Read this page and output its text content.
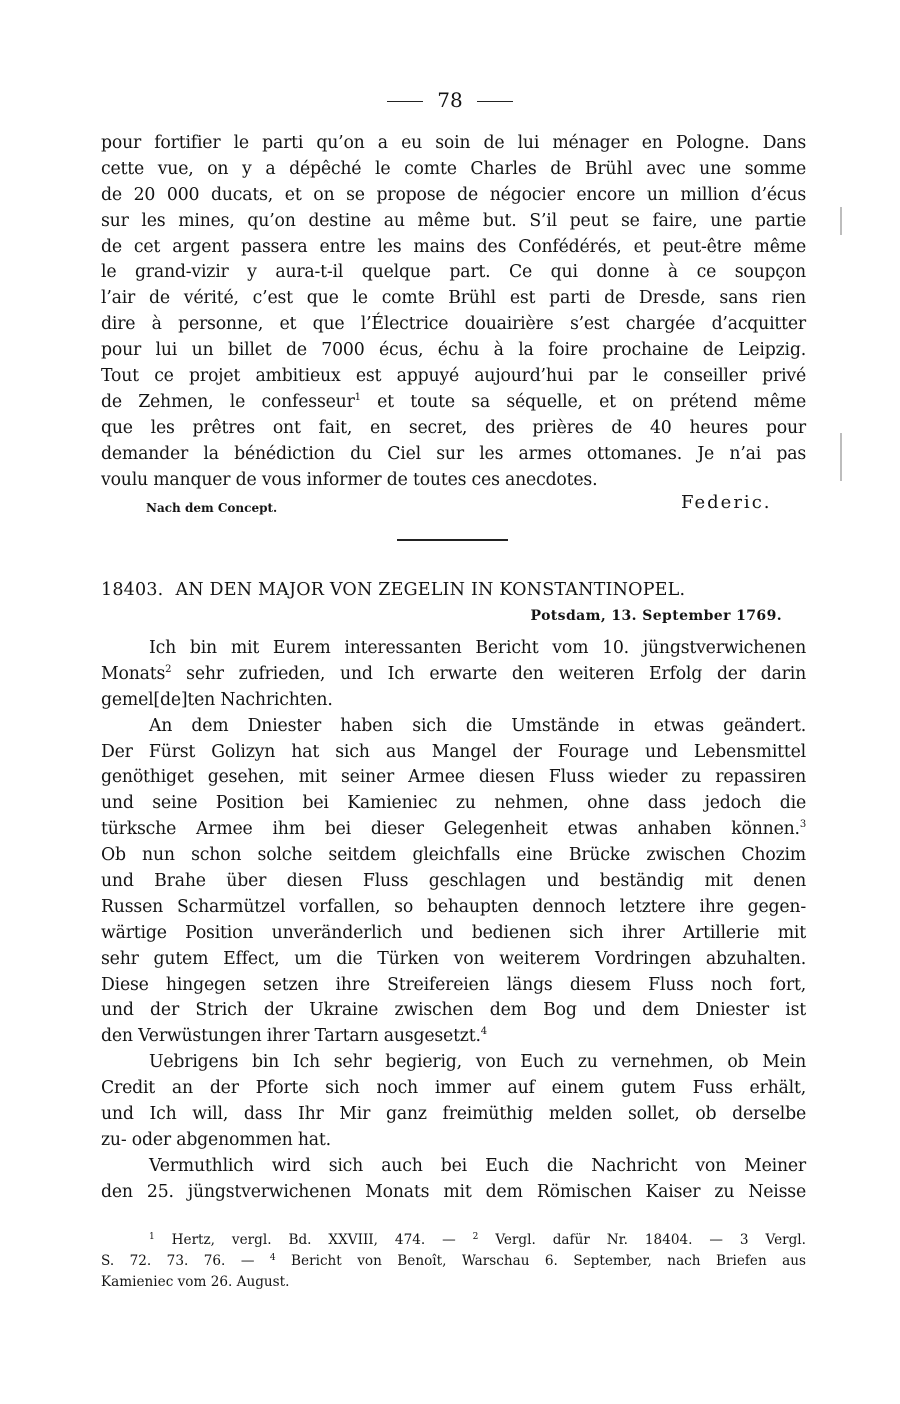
78
pour fortifier le parti qu’on a eu soin de lui ménager en Pologne. Dans
cette vue, on y a dépêché le comte Charles de Brühl avec une somme
de 20 000 ducats, et on se propose de négocier encore un million d’écus
sur les mines, qu’on destine au même but. S’il peut se faire, une partie
de cet argent passera entre les mains des Confédérés, et peut-être même
le grand-vizir y aura-t-il quelque part. Ce qui donne à ce soupçon
l’air de vérité, c’est que le comte Brühl est parti de Dresde, sans rien
dire à personne, et que l’Électrice douairière s’est chargée d’acquitter
pour lui un billet de 7000 écus, échu à la foire prochaine de Leipzig.
Tout ce projet ambitieux est appuyé aujourd’hui par le conseiller privé
de Zehmen, le confesseur$^1$ et toute sa séquelle, et on prétend même
que les prêtres ont fait, en secret, des prières de 40 heures pour
demander la bénédiction du Ciel sur les armes ottomanes. Je n’ai pas
voulu manquer de vous informer de toutes ces anecdotes.
Nach dem Concept.	Federic.
18403. AN DEN MAJOR VON ZEGELIN IN KONSTANTINOPEL.
Potsdam, 13. September 1769.
Ich bin mit Eurem interessanten Bericht vom 10. jüngstverwichenen
Monats$^2$ sehr zufrieden, und Ich erwarte den weiteren Erfolg der darin
gemel[de]ten Nachrichten.
An dem Dniester haben sich die Umstände in etwas geändert.
Der Fürst Golizyn hat sich aus Mangel der Fourage und Lebensmittel
genöthiget gesehen, mit seiner Armee diesen Fluss wieder zu repassiren
und seine Position bei Kamieniec zu nehmen, ohne dass jedoch die
türksche Armee ihm bei dieser Gelegenheit etwas anhaben können.$^3$
Ob nun schon solche seitdem gleichfalls eine Brücke zwischen Chozim
und Brahe über diesen Fluss geschlagen und beständig mit denen
Russen Scharmützel vorfallen, so behaupten dennoch letztere ihre gegen-
wärtige Position unveränderlich und bedienen sich ihrer Artillerie mit
sehr gutem Effect, um die Türken von weiterem Vordringen abzuhalten.
Diese hingegen setzen ihre Streifereien längs diesem Fluss noch fort,
und der Strich der Ukraine zwischen dem Bog und dem Dniester ist
den Verwüstungen ihrer Tartarn ausgesetzt.$^4$
Uebrigens bin Ich sehr begierig, von Euch zu vernehmen, ob Mein
Credit an der Pforte sich noch immer auf einem gutem Fuss erhält,
und Ich will, dass Ihr Mir ganz freimüthig melden sollet, ob derselbe
zu- oder abgenommen hat.
Vermuthlich wird sich auch bei Euch die Nachricht von Meiner
den 25. jüngstverwichenen Monats mit dem Römischen Kaiser zu Neisse
$^1$ Hertz, vergl. Bd. XXVIII, 474. — $^2$ Vergl. dafür Nr. 18404. — 3 Vergl.
S. 72. 73. 76. — $^4$ Bericht von Benoît, Warschau 6. September, nach Briefen aus
Kamieniec vom 26. August.
